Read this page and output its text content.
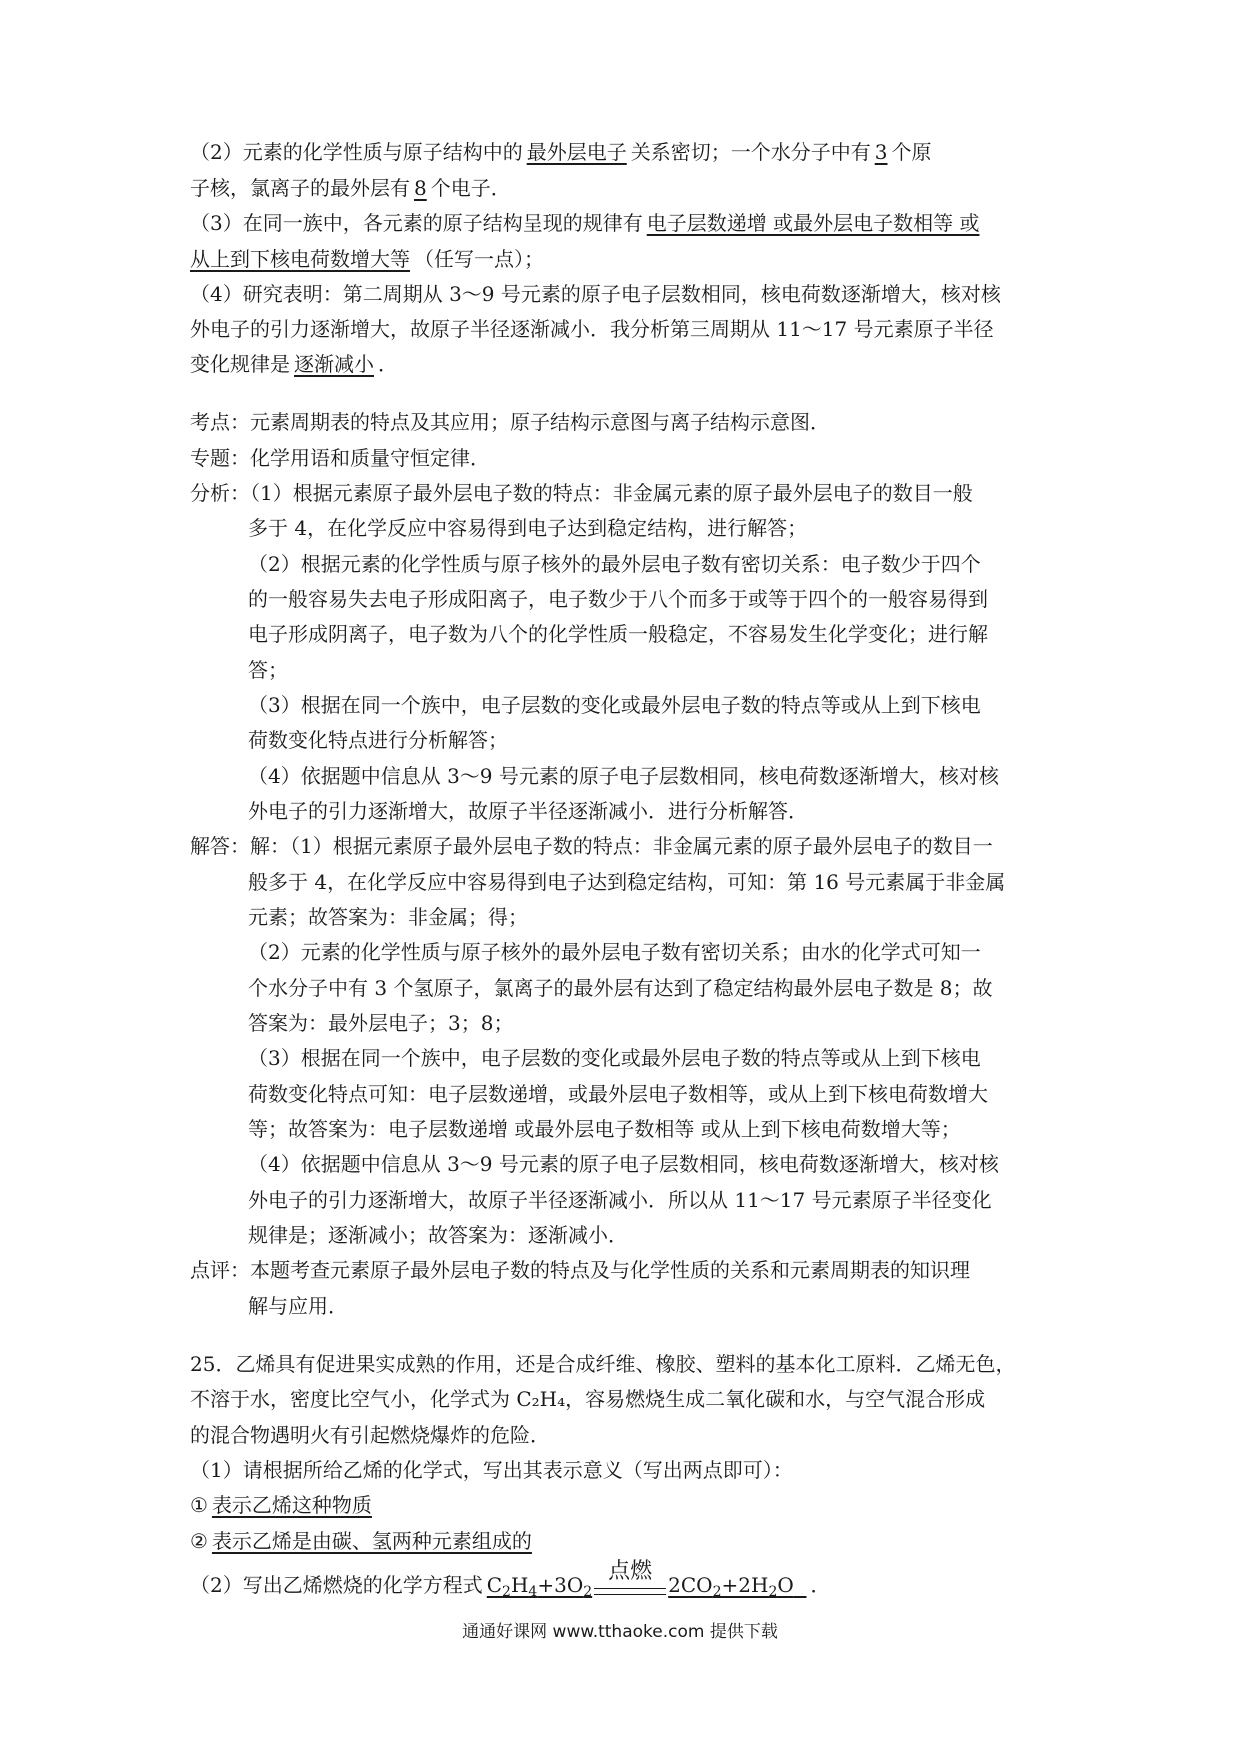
（2）元素的化学性质与原子结构中的 最外层电子 关系密切；一个水分子中有 3 个原
子核，氯离子的最外层有 8 个电子．
（3）在同一族中，各元素的原子结构呈现的规律有 电子层数递增 或最外层电子数相等 或
从上到下核电荷数增大等 （任写一点）；
（4）研究表明：第二周期从 3～9 号元素的原子电子层数相同，核电荷数逐渐增大，核对核
外电子的引力逐渐增大，故原子半径逐渐减小．我分析第三周期从 11～17 号元素原子半径
变化规律是 逐渐减小 ．
考点：元素周期表的特点及其应用；原子结构示意图与离子结构示意图．
专题：化学用语和质量守恒定律．
分析：（1）根据元素原子最外层电子数的特点：非金属元素的原子最外层电子的数目一般
多于 4，在化学反应中容易得到电子达到稳定结构，进行解答；
（2）根据元素的化学性质与原子核外的最外层电子数有密切关系：电子数少于四个
的一般容易失去电子形成阳离子，电子数少于八个而多于或等于四个的一般容易得到
电子形成阴离子，电子数为八个的化学性质一般稳定，不容易发生化学变化；进行解
答；
（3）根据在同一个族中，电子层数的变化或最外层电子数的特点等或从上到下核电
荷数变化特点进行分析解答；
（4）依据题中信息从 3～9 号元素的原子电子层数相同，核电荷数逐渐增大，核对核
外电子的引力逐渐增大，故原子半径逐渐减小．进行分析解答．
解答：解：（1）根据元素原子最外层电子数的特点：非金属元素的原子最外层电子的数目一
般多于 4，在化学反应中容易得到电子达到稳定结构，可知：第 16 号元素属于非金属
元素；故答案为：非金属；得；
（2）元素的化学性质与原子核外的最外层电子数有密切关系；由水的化学式可知一
个水分子中有 3 个氢原子，氯离子的最外层有达到了稳定结构最外层电子数是 8；故
答案为：最外层电子；3；8；
（3）根据在同一个族中，电子层数的变化或最外层电子数的特点等或从上到下核电
荷数变化特点可知：电子层数递增，或最外层电子数相等，或从上到下核电荷数增大
等；故答案为：电子层数递增 或最外层电子数相等 或从上到下核电荷数增大等；
（4）依据题中信息从 3～9 号元素的原子电子层数相同，核电荷数逐渐增大，核对核
外电子的引力逐渐增大，故原子半径逐渐减小．所以从 11～17 号元素原子半径变化
规律是；逐渐减小；故答案为：逐渐减小．
点评：本题考查元素原子最外层电子数的特点及与化学性质的关系和元素周期表的知识理
解与应用．
25．乙烯具有促进果实成熟的作用，还是合成纤维、橡胶、塑料的基本化工原料．乙烯无色，
不溶于水，密度比空气小，化学式为 C₂H₄，容易燃烧生成二氧化碳和水，与空气混合形成
的混合物遇明火有引起燃烧爆炸的危险．
（1）请根据所给乙烯的化学式，写出其表示意义（写出两点即可）：
① 表示乙烯这种物质
② 表示乙烯是由碳、氢两种元素组成的
（2）写出乙烯燃烧的化学方程式 $C_2H_4+3O_2$
点燃
$2CO_2+2H_2O$ ．
通通好课网 www.tthaoke.com 提供下载
